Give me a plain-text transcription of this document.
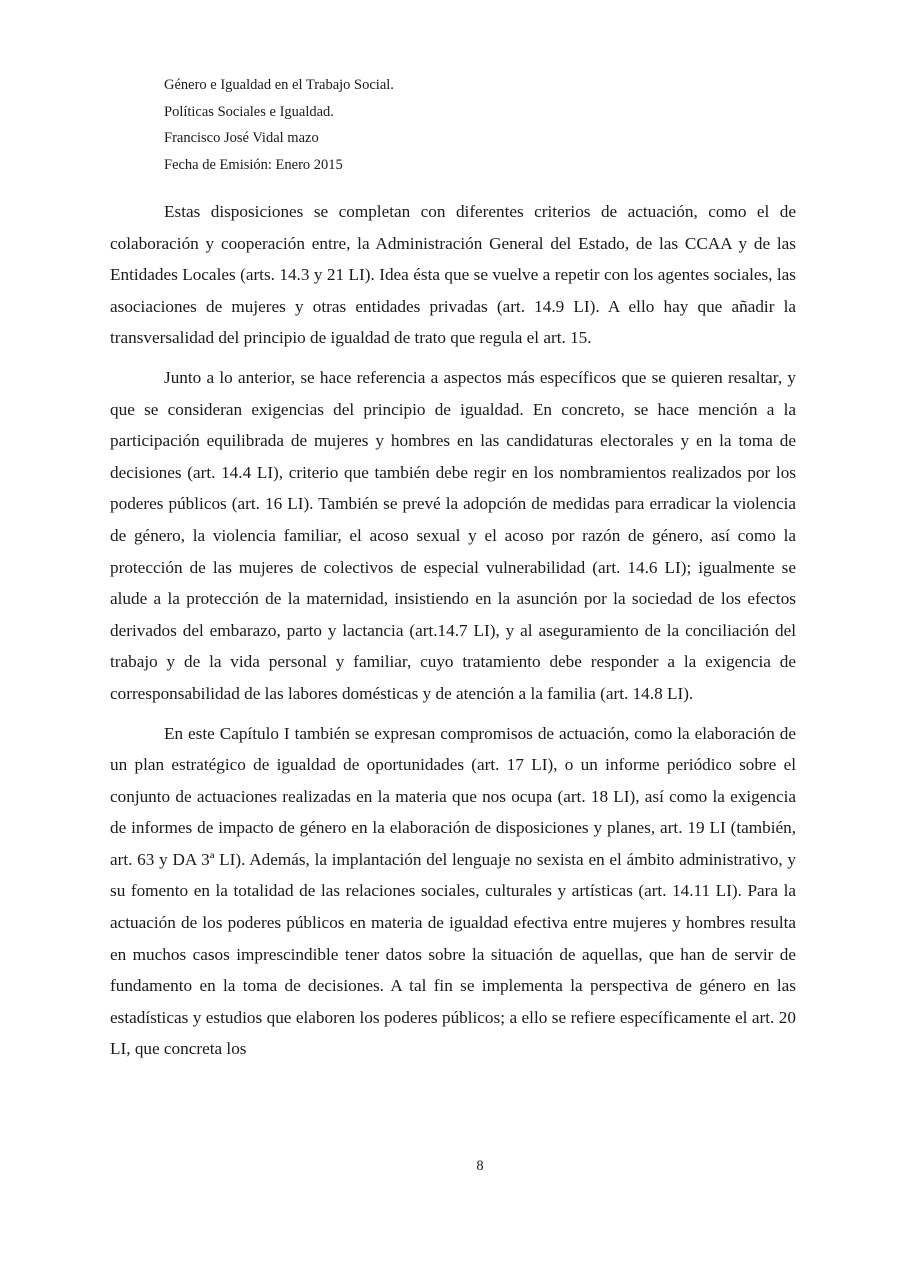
Género e Igualdad en el Trabajo Social.
Políticas Sociales e Igualdad.
Francisco José Vidal mazo
Fecha de Emisión: Enero 2015

Estas disposiciones se completan con diferentes criterios de actuación, como el de colaboración y cooperación entre, la Administración General del Estado, de las CCAA y de las Entidades Locales (arts. 14.3 y 21 LI). Idea ésta que se vuelve a repetir con los agentes sociales, las asociaciones de mujeres y otras entidades privadas (art. 14.9 LI). A ello hay que añadir la transversalidad del principio de igualdad de trato que regula el art. 15.

Junto a lo anterior, se hace referencia a aspectos más específicos que se quieren resaltar, y que se consideran exigencias del principio de igualdad. En concreto, se hace mención a la participación equilibrada de mujeres y hombres en las candidaturas electorales y en la toma de decisiones (art. 14.4 LI), criterio que también debe regir en los nombramientos realizados por los poderes públicos (art. 16 LI). También se prevé la adopción de medidas para erradicar la violencia de género, la violencia familiar, el acoso sexual y el acoso por razón de género, así como la protección de las mujeres de colectivos de especial vulnerabilidad (art. 14.6 LI); igualmente se alude a la protección de la maternidad, insistiendo en la asunción por la sociedad de los efectos derivados del embarazo, parto y lactancia (art.14.7 LI), y al aseguramiento de la conciliación del trabajo y de la vida personal y familiar, cuyo tratamiento debe responder a la exigencia de corresponsabilidad de las labores domésticas y de atención a la familia (art. 14.8 LI).

En este Capítulo I también se expresan compromisos de actuación, como la elaboración de un plan estratégico de igualdad de oportunidades (art. 17 LI), o un informe periódico sobre el conjunto de actuaciones realizadas en la materia que nos ocupa (art. 18 LI), así como la exigencia de informes de impacto de género en la elaboración de disposiciones y planes, art. 19 LI (también, art. 63 y DA 3ª LI). Además, la implantación del lenguaje no sexista en el ámbito administrativo, y su fomento en la totalidad de las relaciones sociales, culturales y artísticas (art. 14.11 LI). Para la actuación de los poderes públicos en materia de igualdad efectiva entre mujeres y hombres resulta en muchos casos imprescindible tener datos sobre la situación de aquellas, que han de servir de fundamento en la toma de decisiones. A tal fin se implementa la perspectiva de género en las estadísticas y estudios que elaboren los poderes públicos; a ello se refiere específicamente el art. 20 LI, que concreta los

8
